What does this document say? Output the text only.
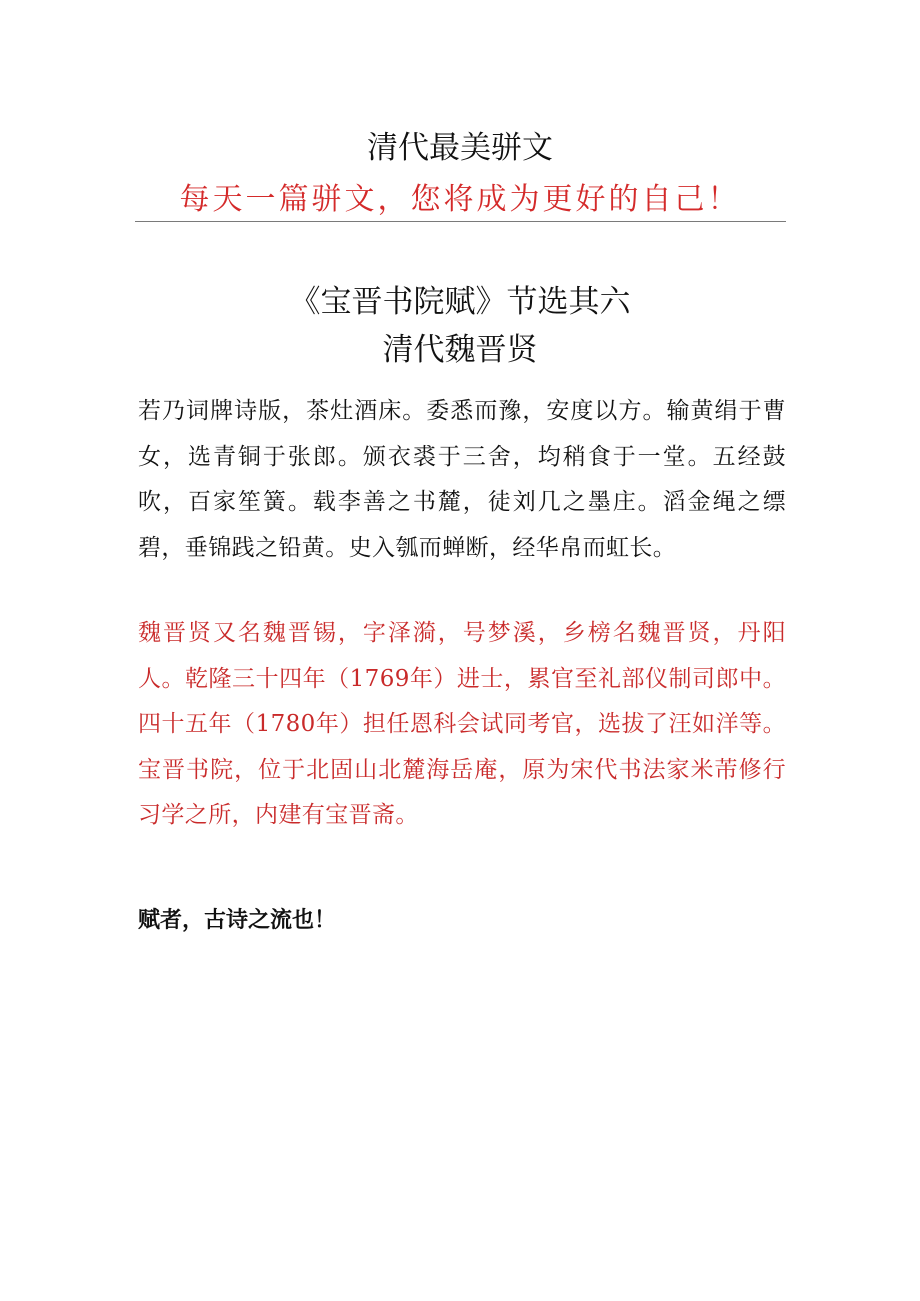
清代最美骈文
每天一篇骈文，您将成为更好的自己！
《宝晋书院赋》节选其六
清代魏晋贤

若乃词牌诗版，茶灶酒床。委悉而豫，安度以方。输黄绢于曹女，选青铜于张郎。颁衣裘于三舍，均稍食于一堂。五经鼓吹，百家笙簧。载李善之书麓，徒刘几之墨庄。滔金绳之缥碧，垂锦践之铅黄。史入瓠而蝉断，经华帛而虹长。

魏晋贤又名魏晋锡，字泽漪，号梦溪，乡榜名魏晋贤，丹阳人。乾隆三十四年（1769年）进士，累官至礼部仪制司郎中。四十五年（1780年）担任恩科会试同考官，选拔了汪如洋等。宝晋书院，位于北固山北麓海岳庵，原为宋代书法家米芾修行习学之所，内建有宝晋斋。

赋者，古诗之流也！
